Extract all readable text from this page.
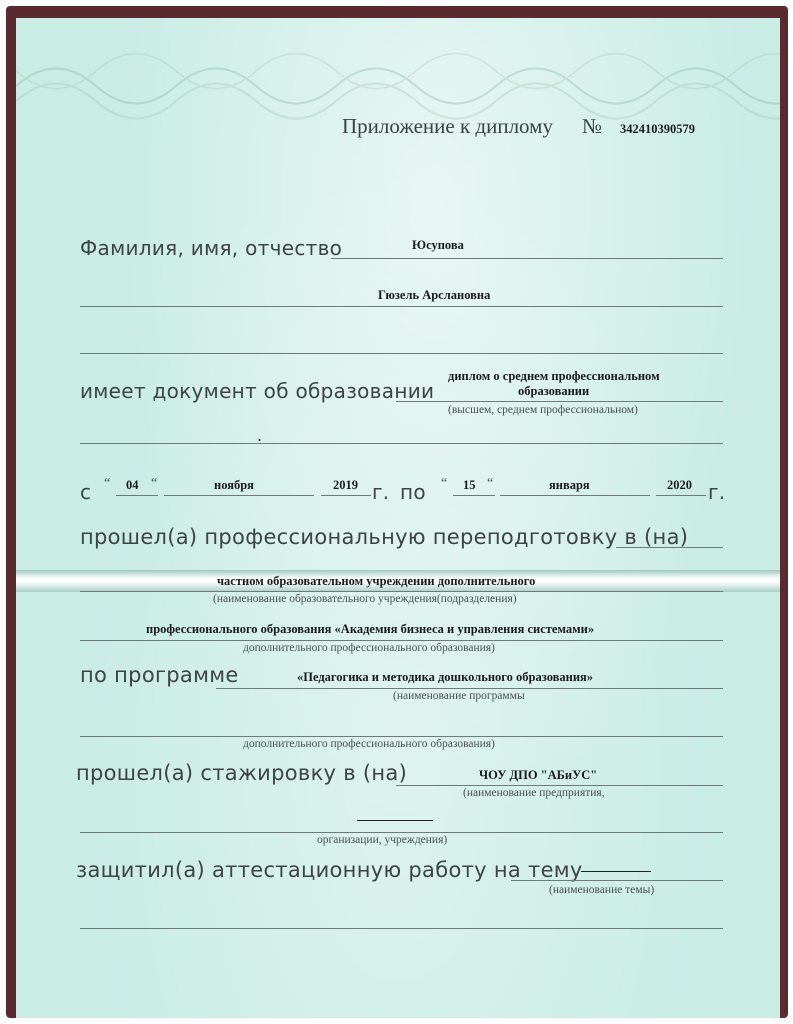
Приложение к диплому № 342410390579
Фамилия, имя, отчество	Юсупова
Гюзель Арслановна
имеет документ об образовании
диплом о среднем профессиональном
образовании
(высшем, среднем профессиональном)
.
с “ 04 “	ноября	2019 г. по “ 15 “	января	2020 г.
прошел(а) профессиональную переподготовку в (на)
частном образовательном учреждении дополнительного
(наименование образовательного учреждения(подразделения)
профессионального образования «Академия бизнеса и управления системами»
дополнительного профессионального образования)
по программе	«Педагогика и методика дошкольного образования»
(наименование программы
дополнительного профессионального образования)
прошел(а) стажировку в (на)	ЧОУ ДПО "АБиУС"
(наименование предприятия,
организации, учреждения)
защитил(а) аттестационную работу на тему
(наименование темы)
